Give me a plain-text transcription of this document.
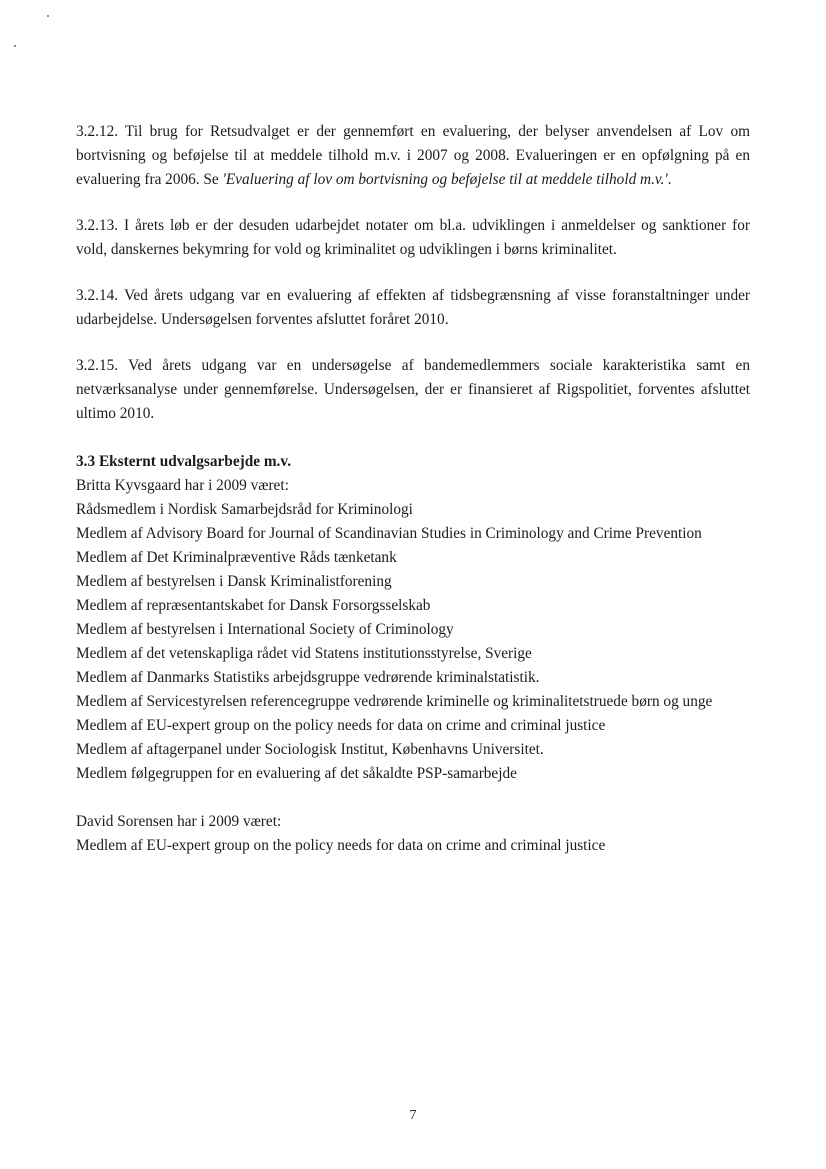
3.2.12. Til brug for Retsudvalget er der gennemført en evaluering, der belyser anvendelsen af Lov om bortvisning og beføjelse til at meddele tilhold m.v. i 2007 og 2008. Evalueringen er en opfølgning på en evaluering fra 2006. Se 'Evaluering af lov om bortvisning og beføjelse til at meddele tilhold m.v.'.

3.2.13. I årets løb er der desuden udarbejdet notater om bl.a. udviklingen i anmeldelser og sanktioner for vold, danskernes bekymring for vold og kriminalitet og udviklingen i børns kriminalitet.

3.2.14. Ved årets udgang var en evaluering af effekten af tidsbegrænsning af visse foranstaltninger under udarbejdelse. Undersøgelsen forventes afsluttet foråret 2010.

3.2.15. Ved årets udgang var en undersøgelse af bandemedlemmers sociale karakteristika samt en netværksanalyse under gennemførelse. Undersøgelsen, der er finansieret af Rigspolitiet, forventes afsluttet ultimo 2010.

3.3 Eksternt udvalgsarbejde m.v.

Britta Kyvsgaard har i 2009 været:

Rådsmedlem i Nordisk Samarbejdsråd for Kriminologi

Medlem af Advisory Board for Journal of Scandinavian Studies in Criminology and Crime Prevention

Medlem af Det Kriminalpræventive Råds tænketank

Medlem af bestyrelsen i Dansk Kriminalistforening

Medlem af repræsentantskabet for Dansk Forsorgsselskab

Medlem af bestyrelsen i International Society of Criminology

Medlem af det vetenskapliga rådet vid Statens institutionsstyrelse, Sverige

Medlem af Danmarks Statistiks arbejdsgruppe vedrørende kriminalstatistik.

Medlem af Servicestyrelsen referencegruppe vedrørende kriminelle og kriminalitetstruede børn og unge

Medlem af EU-expert group on the policy needs for data on crime and criminal justice

Medlem af aftagerpanel under Sociologisk Institut, Københavns Universitet.

Medlem følgegruppen for en evaluering af det såkaldte PSP-samarbejde

David Sorensen har i 2009 været:

Medlem af EU-expert group on the policy needs for data on crime and criminal justice

7
